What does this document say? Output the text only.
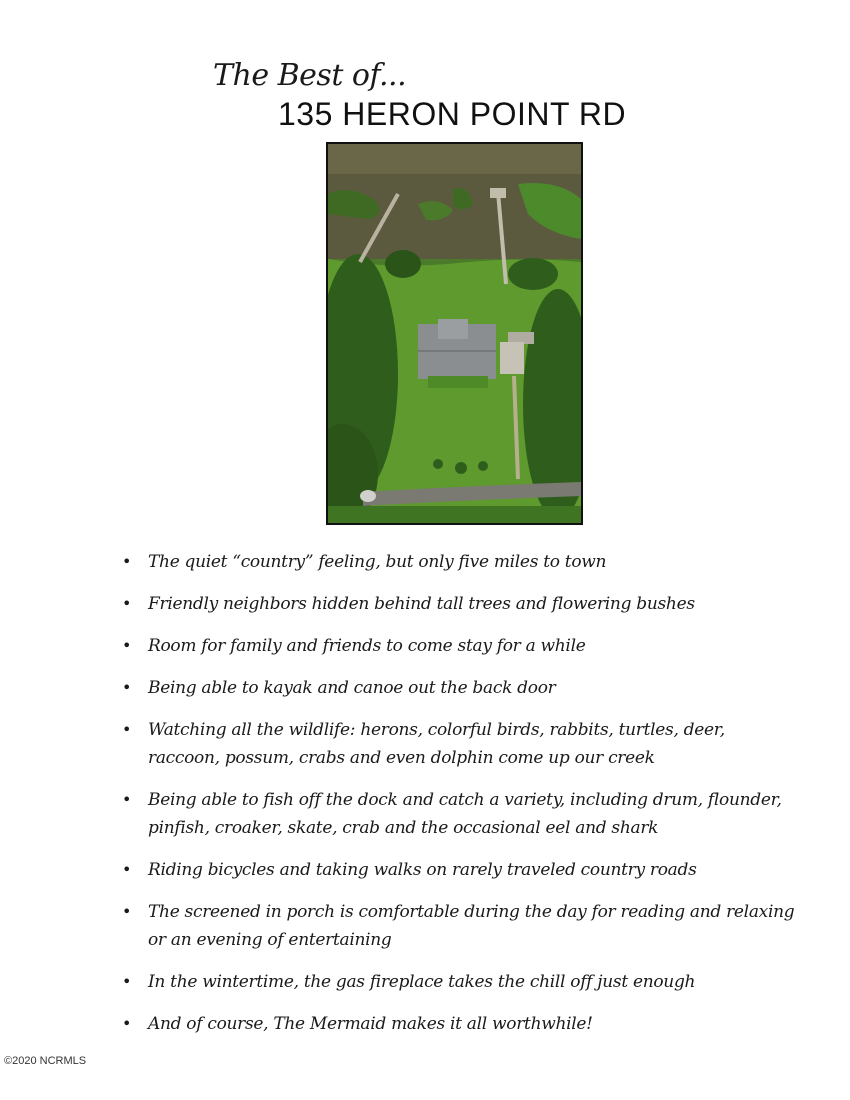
The Best of...
135 HERON POINT RD
• The quiet “country” feeling, but only five miles to town
• Friendly neighbors hidden behind tall trees and flowering bushes
• Room for family and friends to come stay for a while
• Being able to kayak and canoe out the back door
• Watching all the wildlife: herons, colorful birds, rabbits, turtles, deer, raccoon, possum, crabs and even dolphin come up our creek
• Being able to fish off the dock and catch a variety, including drum, flounder, pinfish, croaker, skate, crab and the occasional eel and shark
• Riding bicycles and taking walks on rarely traveled country roads
• The screened in porch is comfortable during the day for reading and relaxing or an evening of entertaining
• In the wintertime, the gas fireplace takes the chill off just enough
• And of course, The Mermaid makes it all worthwhile!
©2020 NCRMLS
